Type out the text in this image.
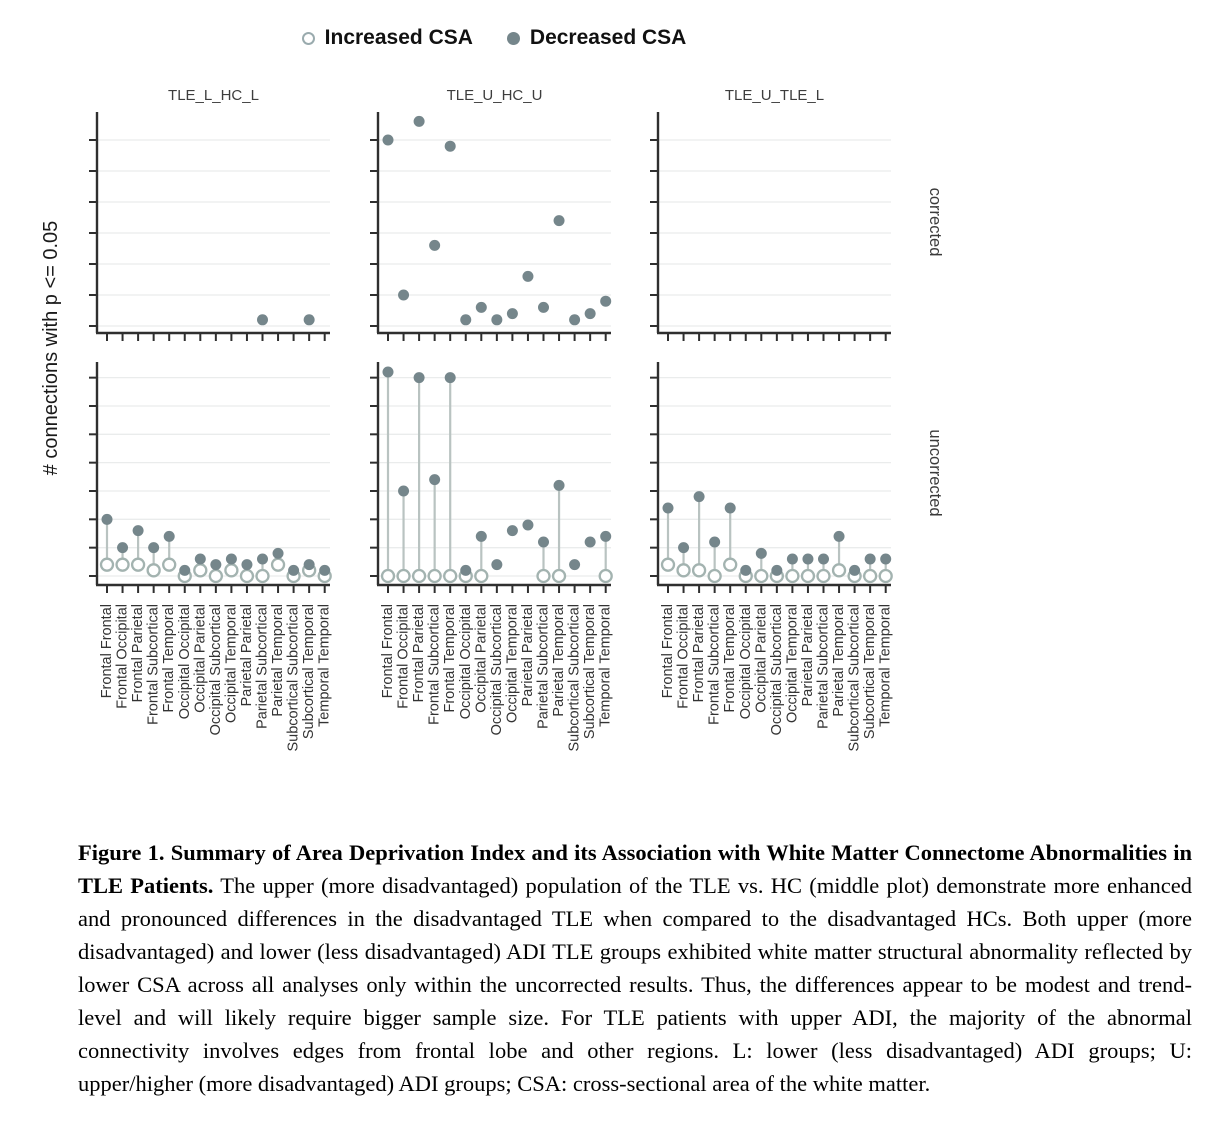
Increased CSA	Decreased CSA
TLE_L_HC_L	TLE_U_HC_U	TLE_U_TLE_L
corrected
uncorrected
# connections with p <= 0.05
Frontal Frontal Frontal Occipital Frontal Parietal Frontal Subcortical Frontal Temporal Occipital Occipital Occipital Parietal Occipital Subcortical Occipital Temporal Parietal Parietal Parietal Subcortical Parietal Temporal Subcortical Subcortical Subcortical Temporal Temporal Temporal	Frontal Frontal Frontal Occipital Frontal Parietal Frontal Subcortical Frontal Temporal Occipital Occipital Occipital Parietal Occipital Subcortical Occipital Temporal Parietal Parietal Parietal Subcortical Parietal Temporal Subcortical Subcortical Subcortical Temporal Temporal Temporal	Frontal Frontal Frontal Occipital Frontal Parietal Frontal Subcortical Frontal Temporal Occipital Occipital Occipital Parietal Occipital Subcortical Occipital Temporal Parietal Parietal Parietal Subcortical Parietal Temporal Subcortical Subcortical Subcortical Temporal Temporal Temporal

Figure 1. Summary of Area Deprivation Index and its Association with White Matter Connectome Abnormalities in TLE Patients. The upper (more disadvantaged) population of the TLE vs. HC (middle plot) demonstrate more enhanced and pronounced differences in the disadvantaged TLE when compared to the disadvantaged HCs. Both upper (more disadvantaged) and lower (less disadvantaged) ADI TLE groups exhibited white matter structural abnormality reflected by lower CSA across all analyses only within the uncorrected results. Thus, the differences appear to be modest and trend-level and will likely require bigger sample size. For TLE patients with upper ADI, the majority of the abnormal connectivity involves edges from frontal lobe and other regions. L: lower (less disadvantaged) ADI groups; U: upper/higher (more disadvantaged) ADI groups; CSA: cross-sectional area of the white matter.
